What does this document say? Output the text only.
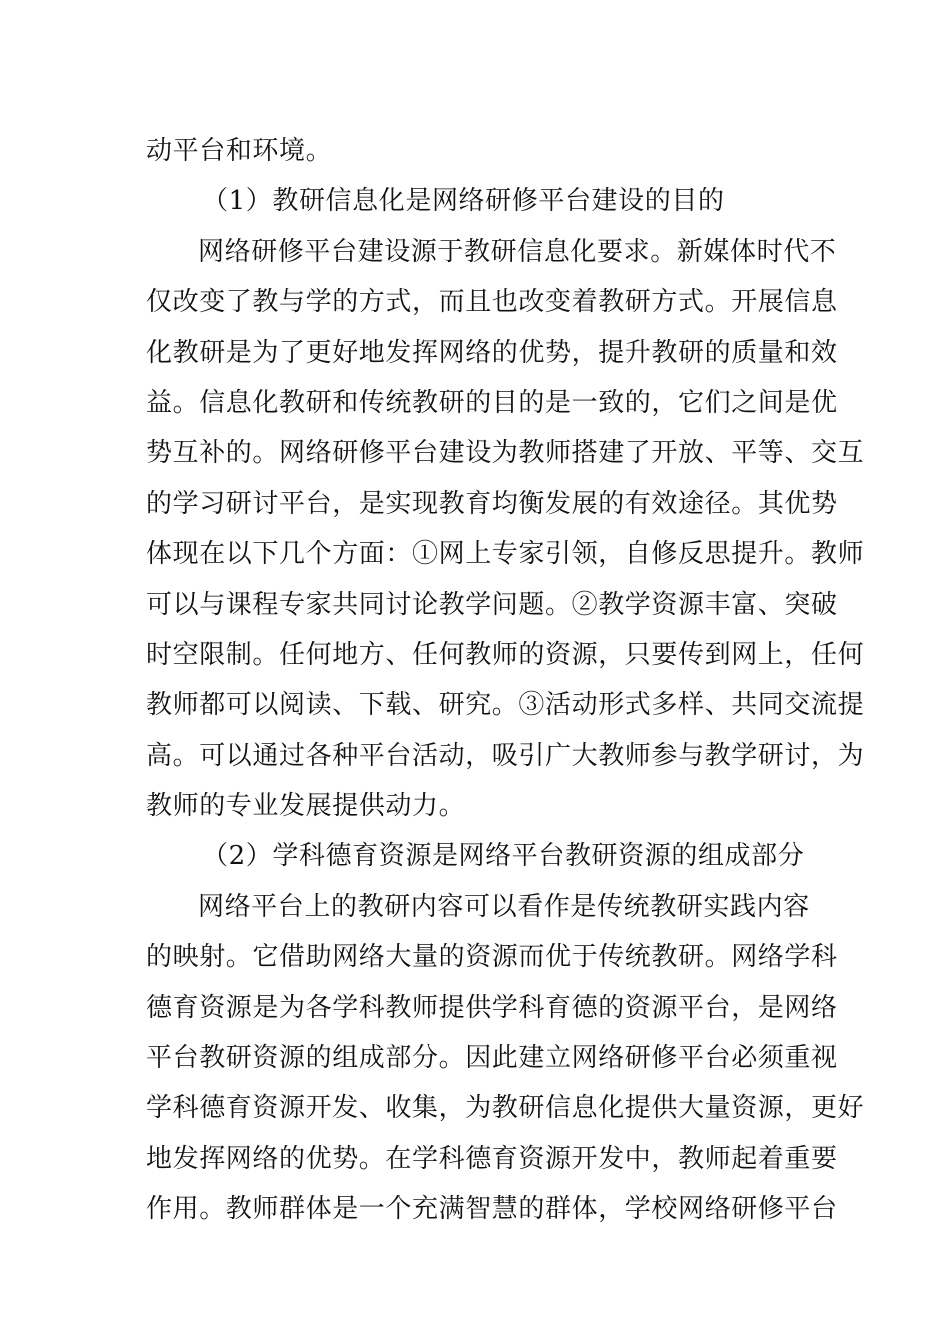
动平台和环境。
（1）教研信息化是网络研修平台建设的目的
网络研修平台建设源于教研信息化要求。新媒体时代不
仅改变了教与学的方式，而且也改变着教研方式。开展信息
化教研是为了更好地发挥网络的优势，提升教研的质量和效
益。信息化教研和传统教研的目的是一致的，它们之间是优
势互补的。网络研修平台建设为教师搭建了开放、平等、交互
的学习研讨平台，是实现教育均衡发展的有效途径。其优势
体现在以下几个方面：①网上专家引领，自修反思提升。教师
可以与课程专家共同讨论教学问题。②教学资源丰富、突破
时空限制。任何地方、任何教师的资源，只要传到网上，任何
教师都可以阅读、下载、研究。③活动形式多样、共同交流提
高。可以通过各种平台活动，吸引广大教师参与教学研讨，为
教师的专业发展提供动力。
（2）学科德育资源是网络平台教研资源的组成部分
网络平台上的教研内容可以看作是传统教研实践内容
的映射。它借助网络大量的资源而优于传统教研。网络学科
德育资源是为各学科教师提供学科育德的资源平台，是网络
平台教研资源的组成部分。因此建立网络研修平台必须重视
学科德育资源开发、收集，为教研信息化提供大量资源，更好
地发挥网络的优势。在学科德育资源开发中，教师起着重要
作用。教师群体是一个充满智慧的群体，学校网络研修平台
